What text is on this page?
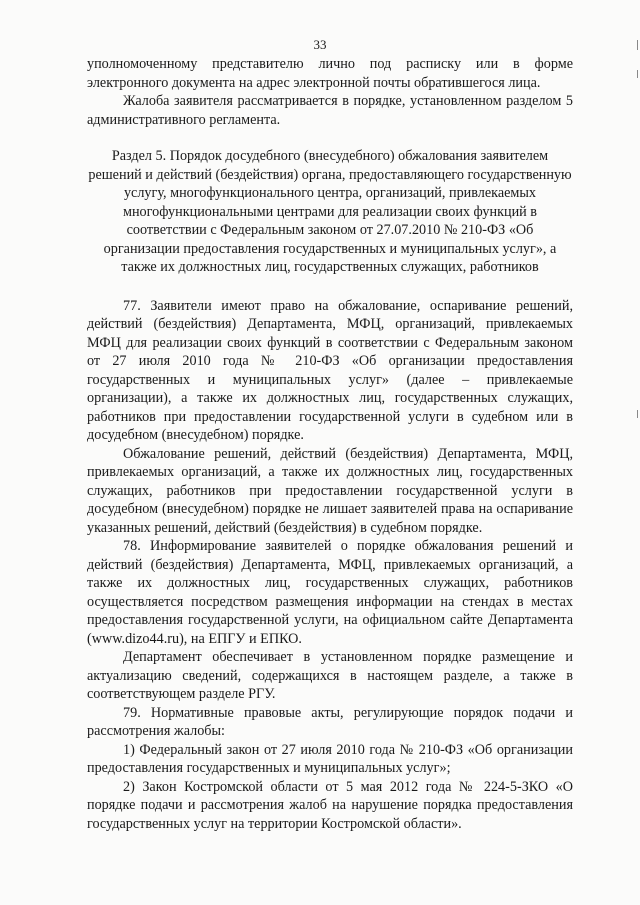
33

уполномоченному представителю лично под расписку или в форме электронного документа на адрес электронной почты обратившегося лица.

Жалоба заявителя рассматривается в порядке, установленном разделом 5 административного регламента.

Раздел 5. Порядок досудебного (внесудебного) обжалования заявителем решений и действий (бездействия) органа, предоставляющего государственную услугу, многофункционального центра, организаций, привлекаемых многофункциональными центрами для реализации своих функций в соответствии с Федеральным законом от 27.07.2010 № 210-ФЗ «Об организации предоставления государственных и муниципальных услуг», а также их должностных лиц, государственных служащих, работников

77. Заявители имеют право на обжалование, оспаривание решений, действий (бездействия) Департамента, МФЦ, организаций, привлекаемых МФЦ для реализации своих функций в соответствии с Федеральным законом от 27 июля 2010 года № 210-ФЗ «Об организации предоставления государственных и муниципальных услуг» (далее – привлекаемые организации), а также их должностных лиц, государственных служащих, работников при предоставлении государственной услуги в судебном или в досудебном (внесудебном) порядке.

Обжалование решений, действий (бездействия) Департамента, МФЦ, привлекаемых организаций, а также их должностных лиц, государственных служащих, работников при предоставлении государственной услуги в досудебном (внесудебном) порядке не лишает заявителей права на оспаривание указанных решений, действий (бездействия) в судебном порядке.

78. Информирование заявителей о порядке обжалования решений и действий (бездействия) Департамента, МФЦ, привлекаемых организаций, а также их должностных лиц, государственных служащих, работников осуществляется посредством размещения информации на стендах в местах предоставления государственной услуги, на официальном сайте Департамента (www.dizo44.ru), на ЕПГУ и ЕПКО.

Департамент обеспечивает в установленном порядке размещение и актуализацию сведений, содержащихся в настоящем разделе, а также в соответствующем разделе РГУ.

79. Нормативные правовые акты, регулирующие порядок подачи и рассмотрения жалобы:

1) Федеральный закон от 27 июля 2010 года № 210-ФЗ «Об организации предоставления государственных и муниципальных услуг»;

2) Закон Костромской области от 5 мая 2012 года № 224-5-ЗКО «О порядке подачи и рассмотрения жалоб на нарушение порядка предоставления государственных услуг на территории Костромской области».
